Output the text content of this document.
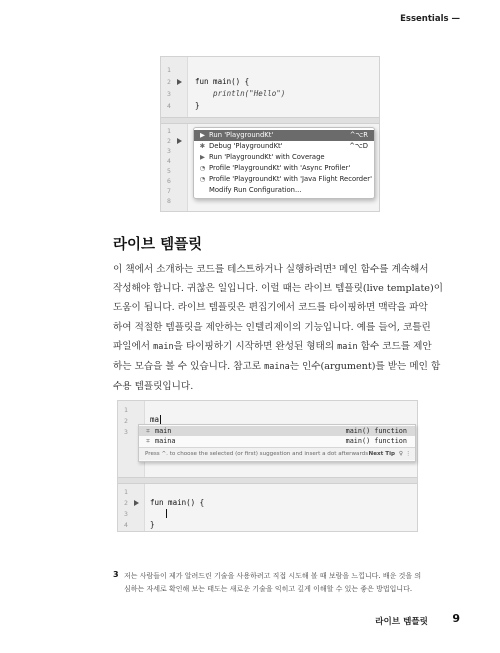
Essentials —
1
2
3
4
fun main() {
println("Hello")
}
1
2
3
4
5
6
7
8
▶ Run 'PlaygroundKt'	^⌥R
✱ Debug 'PlaygroundKt'	^⌥D
▶ Run 'PlaygroundKt' with Coverage
◔ Profile 'PlaygroundKt' with 'Async Profiler'
◔ Profile 'PlaygroundKt' with 'Java Flight Recorder'
Modify Run Configuration...
라이브 템플릿

이 책에서 소개하는 코드를 테스트하거나 실행하려면³ 메인 함수를 계속해서
작성해야 합니다. 귀찮은 일입니다. 이럴 때는 라이브 템플릿(live template)이
도움이 됩니다. 라이브 템플릿은 편집기에서 코드를 타이핑하면 맥락을 파악
하여 적절한 템플릿을 제안하는 인텔리제이의 기능입니다. 예를 들어, 코틀린
파일에서 main을 타이핑하기 시작하면 완성된 형태의 main 함수 코드를 제안
하는 모습을 볼 수 있습니다. 참고로 maina는 인수(argument)를 받는 메인 함
수용 템플릿입니다.

1
2
3
ma
⌗ main	main() function
⌗ maina	main() function
Press ^. to choose the selected (or first) suggestion and insert a dot afterwards Next Tip ♀ ⋮
1
2
3
4
fun main() {
}
3 저는 사람들이 제가 알려드린 기술을 사용하려고 직접 시도해 볼 때 보람을 느낍니다. 배운 것을 의
심하는 자세로 확인해 보는 태도는 새로운 기술을 익히고 깊게 이해할 수 있는 좋은 방법입니다.

라이브 템플릿 9
